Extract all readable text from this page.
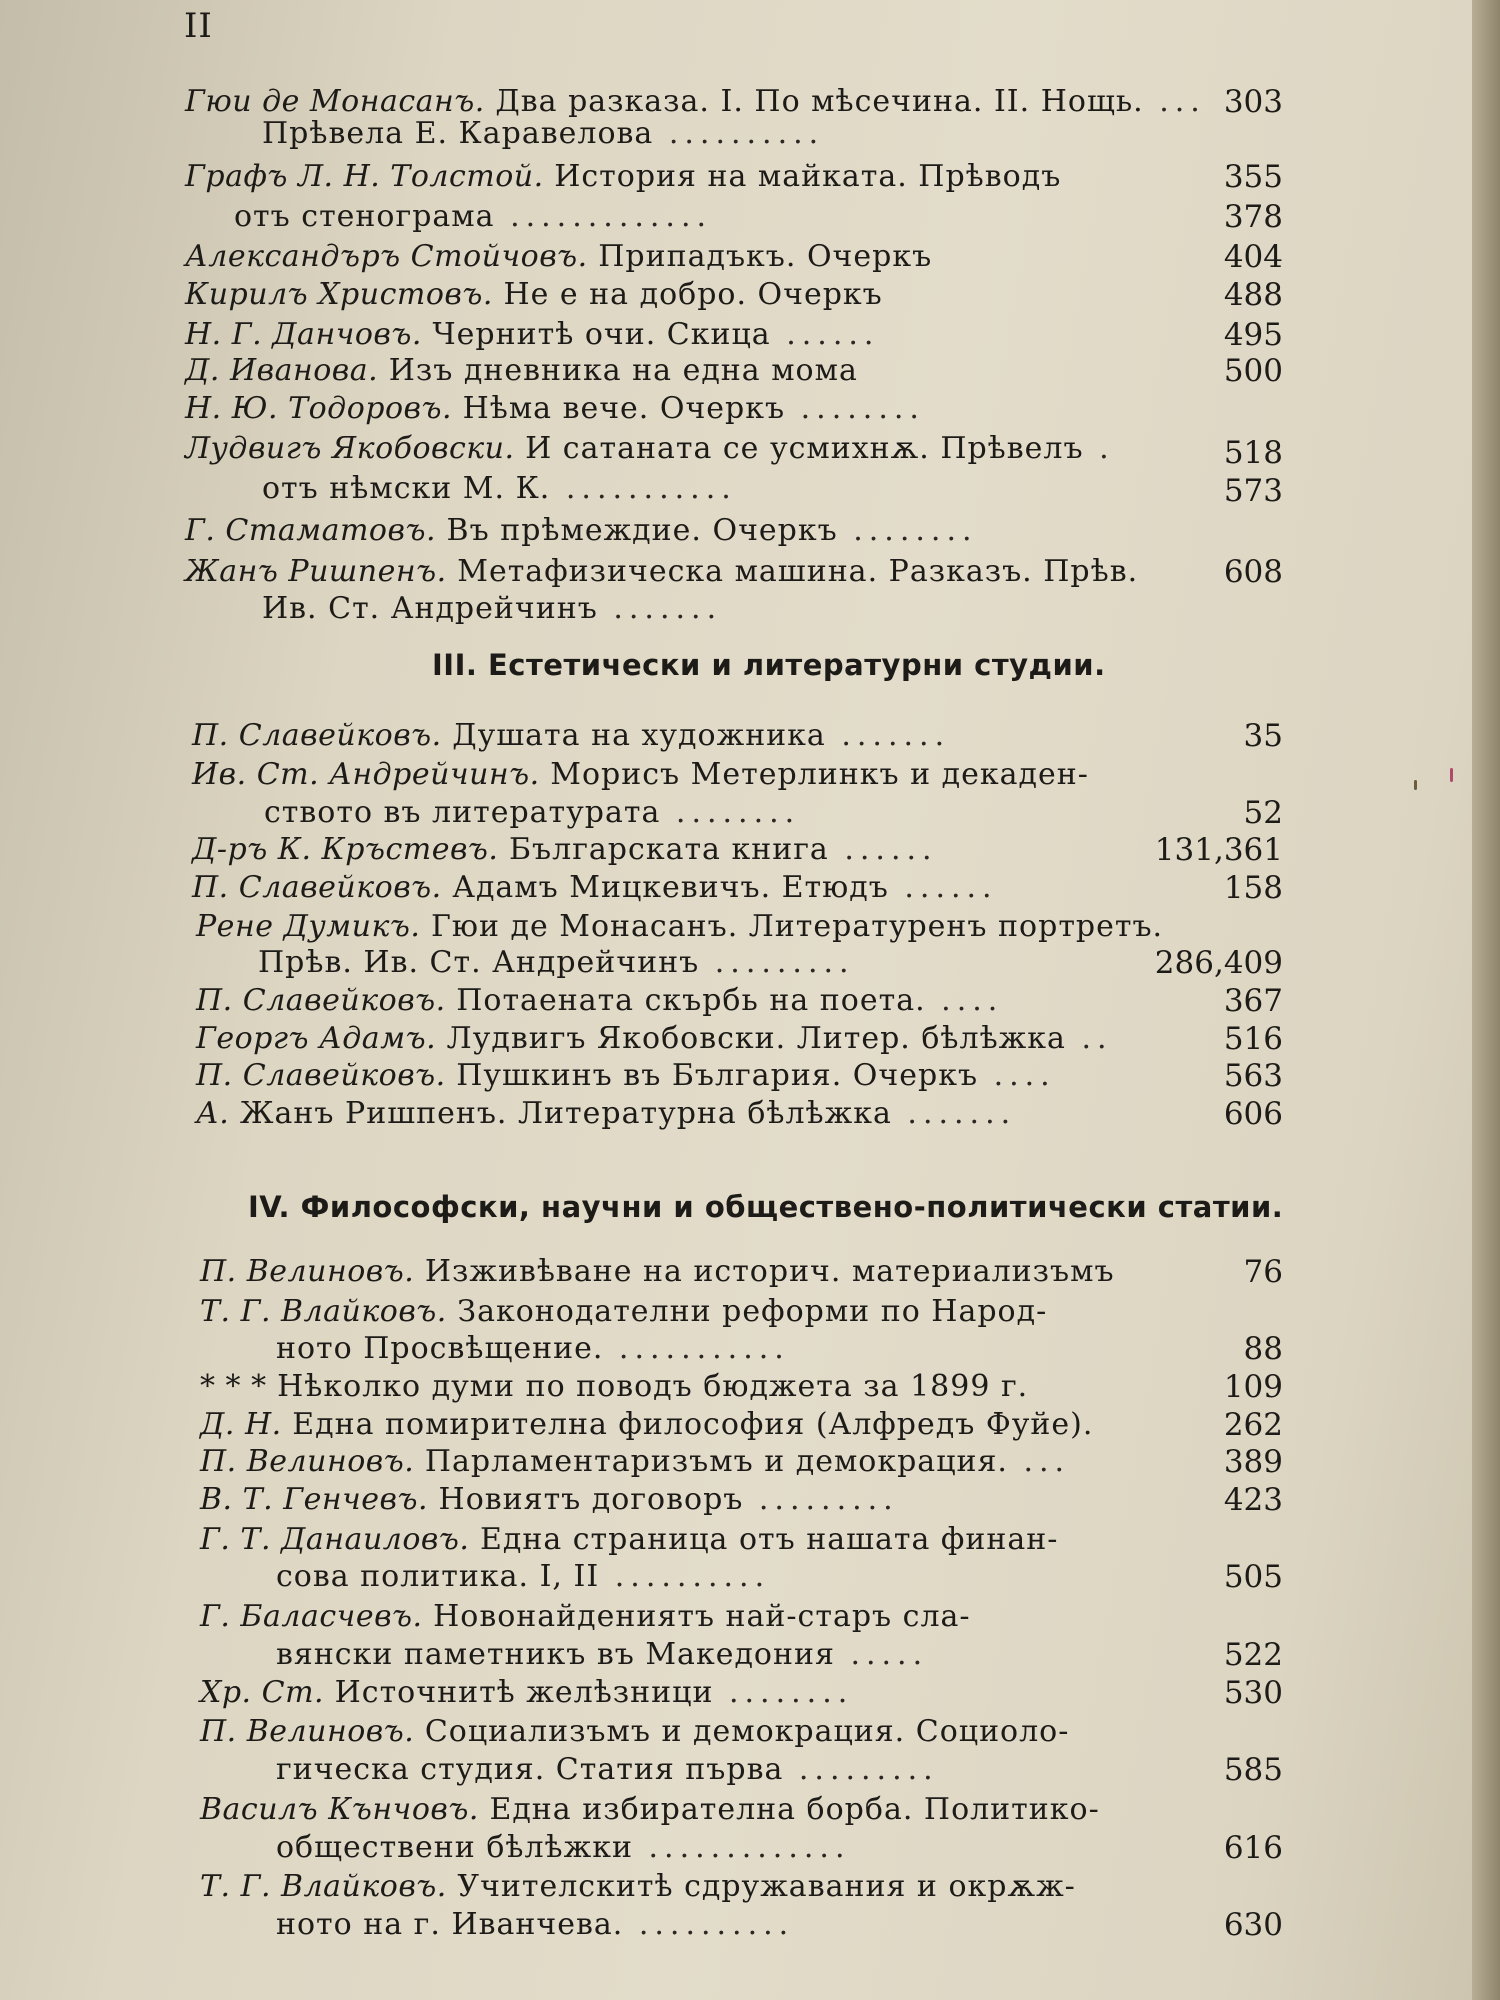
II
Гюи де Монасанъ. Два разказа. I. По мѣсечина. II. Нощь. ... 303
Прѣвела Е. Каравелова ..........
Графъ Л. Н. Толстой. История на майката. Прѣводъ	355
отъ стенограма .............	378
Александъръ Стойчовъ. Припадъкъ. Очеркъ	404
Кирилъ Христовъ. Не е на добро. Очеркъ	488
Н. Г. Данчовъ. Чернитѣ очи. Скица ......	495
Д. Иванова. Изъ дневника на една мома	500
Н. Ю. Тодоровъ. Нѣма вече. Очеркъ ........
Лудвигъ Якобовски. И сатаната се усмихнѫ. Прѣвелъ .	518
отъ нѣмски М. К. ...........	573
Г. Стаматовъ. Въ прѣмеждие. Очеркъ ........
Жанъ Ришпенъ. Метафизическа машина. Разказъ. Прѣв.	608
Ив. Ст. Андрейчинъ .......
III. Естетически и литературни студии.
П. Славейковъ. Душата на художника .......	35
Ив. Ст. Андрейчинъ. Морисъ Метерлинкъ и декаден-
ството въ литературата ........	52
Д-ръ К. Кръстевъ. Българската книга ......	131,361
П. Славейковъ. Адамъ Мицкевичъ. Етюдъ ......	158
Рене Думикъ. Гюи де Монасанъ. Литературенъ портретъ.
Прѣв. Ив. Ст. Андрейчинъ .........	286,409
П. Славейковъ. Потаената скърбь на поета. ....	367
Георгъ Адамъ. Лудвигъ Якобовски. Литер. бѣлѣжка ..	516
П. Славейковъ. Пушкинъ въ България. Очеркъ ....	563
А. Жанъ Ришпенъ. Литературна бѣлѣжка .......	606
IV. Философски, научни и обществено-политически статии.
П. Велиновъ. Изживѣване на историч. материализъмъ	76
Т. Г. Влайковъ. Законодателни реформи по Народ-
ното Просвѣщение. ...........	88
* * * Нѣколко думи по поводъ бюджета за 1899 г.	109
Д. Н. Една помирителна философия (Алфредъ Фуйе).	262
П. Велиновъ. Парламентаризъмъ и демокрация. ...	389
В. Т. Генчевъ. Новиятъ договоръ .........	423
Г. Т. Данаиловъ. Една страница отъ нашата финан-
сова политика. I, II ..........	505
Г. Баласчевъ. Новонайдениятъ най-старъ сла-
вянски паметникъ въ Македония .....	522
Хр. Ст. Источнитѣ желѣзници ........	530
П. Велиновъ. Социализъмъ и демокрация. Социоло-
гическа студия. Статия първа .........	585
Василъ Кънчовъ. Една избирателна борба. Политико-
обществени бѣлѣжки .............	616
Т. Г. Влайковъ. Учителскитѣ сдружавания и окрѫж-
ното на г. Иванчева. ..........	630
